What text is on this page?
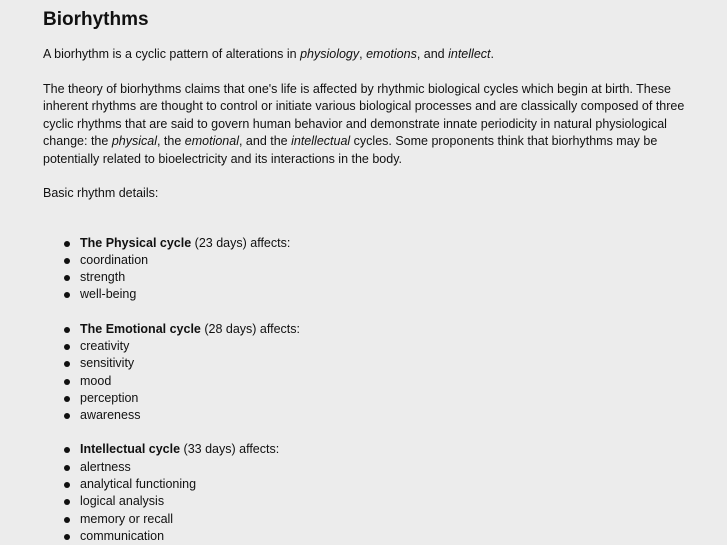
Biorhythms

A biorhythm is a cyclic pattern of alterations in physiology, emotions, and intellect.

The theory of biorhythms claims that one's life is affected by rhythmic biological cycles which begin at birth. These inherent rhythms are thought to control or initiate various biological processes and are classically composed of three cyclic rhythms that are said to govern human behavior and demonstrate innate periodicity in natural physiological change: the physical, the emotional, and the intellectual cycles. Some proponents think that biorhythms may be potentially related to bioelectricity and its interactions in the body.

Basic rhythm details:

The Physical cycle (23 days) affects:
coordination
strength
well-being
The Emotional cycle (28 days) affects:
creativity
sensitivity
mood
perception
awareness
Intellectual cycle (33 days) affects:
alertness
analytical functioning
logical analysis
memory or recall
communication
